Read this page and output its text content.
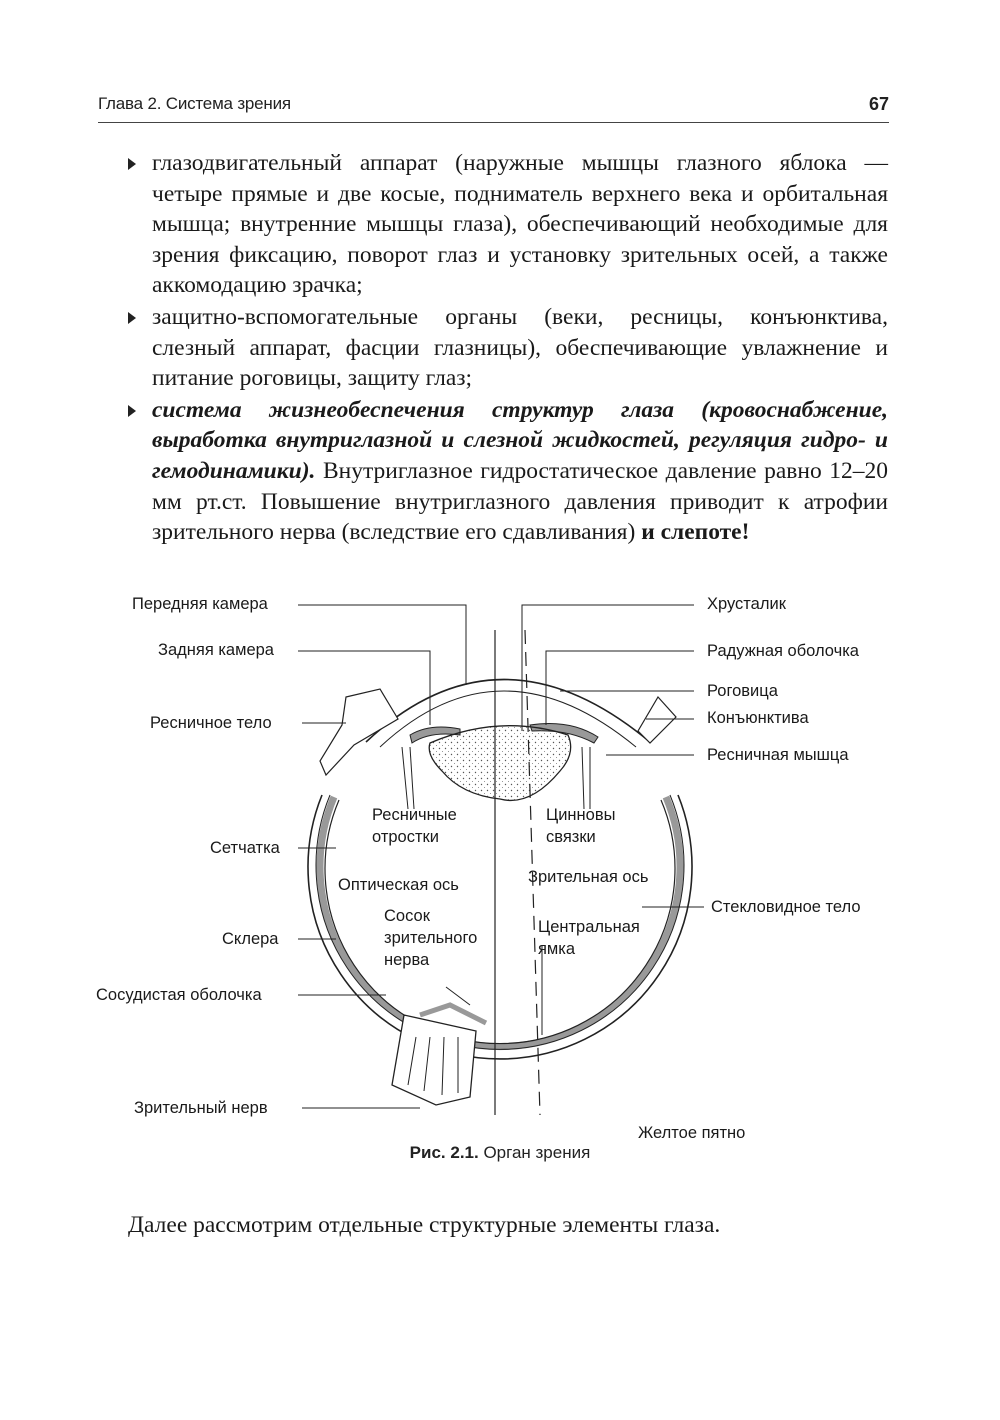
Глава 2. Система зрения	67
глазодвигательный аппарат (наружные мышцы глазного яблока — четыре прямые и две косые, подниматель верхнего века и орбитальная мышца; внутренние мышцы глаза), обеспечивающий необходимые для зрения фиксацию, поворот глаз и установку зрительных осей, а также аккомодацию зрачка;
защитно-вспомогательные органы (веки, ресницы, конъюнктива, слезный аппарат, фасции глазницы), обеспечивающие увлажнение и питание роговицы, защиту глаз;
система жизнеобеспечения структур глаза (кровоснабжение, выработка внутриглазной и слезной жидкостей, регуляция гидро- и гемодинамики). Внутриглазное гидростатическое давление равно 12–20 мм рт.ст. Повышение внутриглазного давления приводит к атрофии зрительного нерва (вследствие его сдавливания) и слепоте!
Передняя камера
Задняя камера
Ресничное тело
Ресничные
отростки
Сетчатка
Оптическая ось
Сосок
зрительного
нерва
Склера
Сосудистая оболочка
Зрительный нерв
Цинновы
связки
Зрительная ось
Центральная
ямка
Желтое пятно
Хрусталик
Радужная оболочка
Роговица
Конъюнктива
Ресничная мышца
Стекловидное тело
Рис. 2.1. Орган зрения
Далее рассмотрим отдельные структурные элементы глаза.
